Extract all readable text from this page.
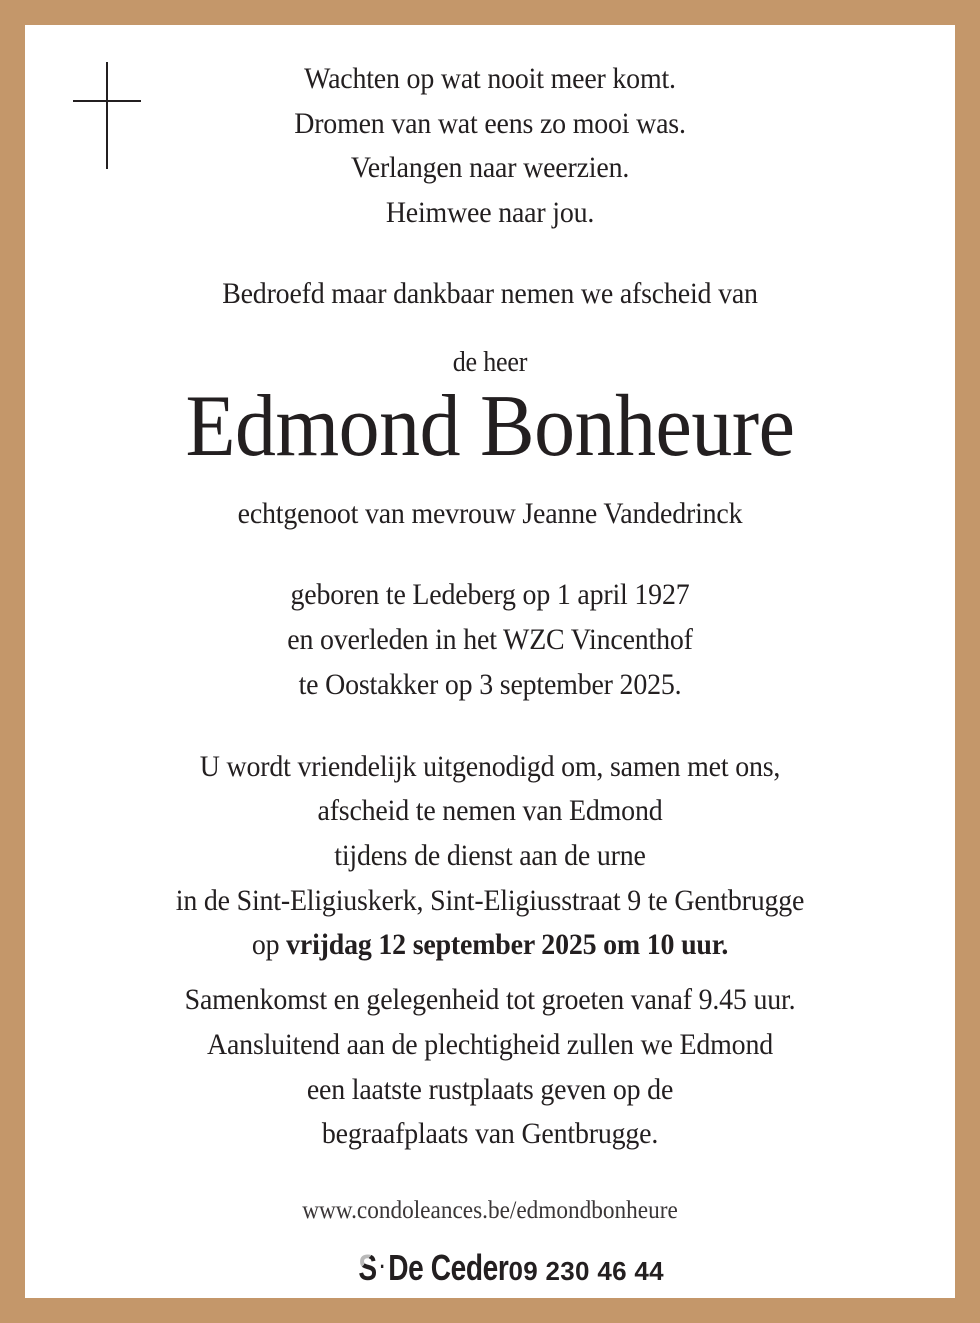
Wachten op wat nooit meer komt.
Dromen van wat eens zo mooi was.
Verlangen naar weerzien.
Heimwee naar jou.
Bedroefd maar dankbaar nemen we afscheid van
de heer
Edmond Bonheure
echtgenoot van mevrouw Jeanne Vandedrinck
geboren te Ledeberg op 1 april 1927
en overleden in het WZC Vincenthof
te Oostakker op 3 september 2025.
U wordt vriendelijk uitgenodigd om, samen met ons,
afscheid te nemen van Edmond
tijdens de dienst aan de urne
in de Sint-Eligiuskerk, Sint-Eligiusstraat 9 te Gentbrugge
op vrijdag 12 september 2025 om 10 uur.
Samenkomst en gelegenheid tot groeten vanaf 9.45 uur.
Aansluitend aan de plechtigheid zullen we Edmond
een laatste rustplaats geven op de
begraafplaats van Gentbrugge.
www.condoleances.be/edmondbonheure
S ·De Ceder 09 230 46 44
